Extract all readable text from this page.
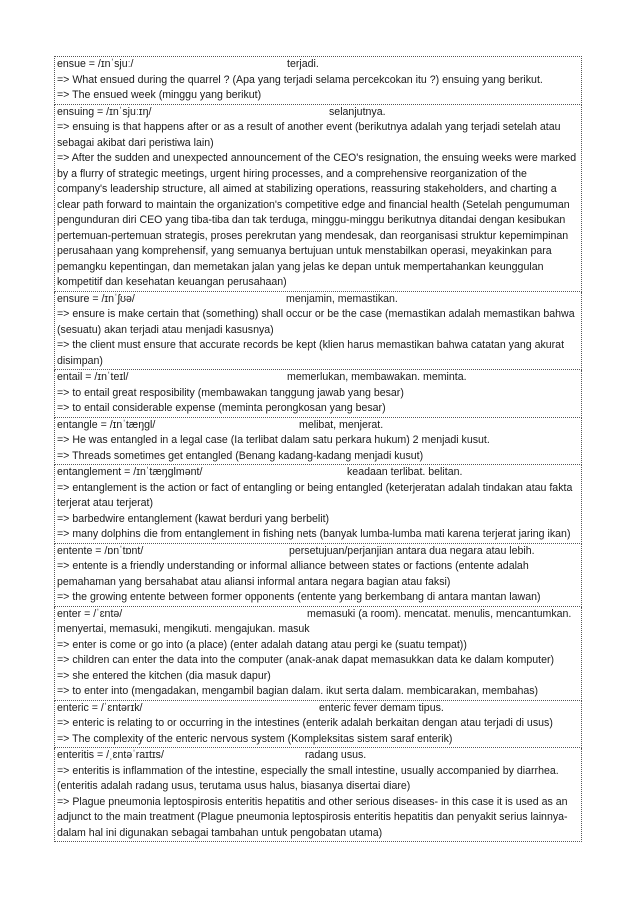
ensue = /ɪnˈsjuː/	terjadi.
=> What ensued during the quarrel ? (Apa yang terjadi selama percekcokan itu ?) ensuing yang berikut.
=> The ensued week (minggu yang berikut)
ensuing = /ɪnˈsjuːɪŋ/	selanjutnya.
=> ensuing is that happens after or as a result of another event (berikutnya adalah yang terjadi setelah atau sebagai akibat dari peristiwa lain)
=> After the sudden and unexpected announcement of the CEO's resignation, the ensuing weeks were marked by a flurry of strategic meetings, urgent hiring processes, and a comprehensive reorganization of the company's leadership structure, all aimed at stabilizing operations, reassuring stakeholders, and charting a clear path forward to maintain the organization's competitive edge and financial health (Setelah pengumuman pengunduran diri CEO yang tiba-tiba dan tak terduga, minggu-minggu berikutnya ditandai dengan kesibukan pertemuan-pertemuan strategis, proses perekrutan yang mendesak, dan reorganisasi struktur kepemimpinan perusahaan yang komprehensif, yang semuanya bertujuan untuk menstabilkan operasi, meyakinkan para pemangku kepentingan, dan memetakan jalan yang jelas ke depan untuk mempertahankan keunggulan kompetitif dan kesehatan keuangan perusahaan)
ensure = /ɪnˈʃʊə/	menjamin, memastikan.
=> ensure is make certain that (something) shall occur or be the case (memastikan adalah memastikan bahwa (sesuatu) akan terjadi atau menjadi kasusnya)
=> the client must ensure that accurate records be kept (klien harus memastikan bahwa catatan yang akurat disimpan)
entail = /ɪnˈteɪl/	memerlukan, membawakan. meminta.
=> to entail great resposibility (membawakan tanggung jawab yang besar)
=> to entail considerable expense (meminta perongkosan yang besar)
entangle = /ɪnˈtæŋgl/	melibat, menjerat.
=> He was entangled in a legal case (Ia terlibat dalam satu perkara hukum) 2 menjadi kusut.
=> Threads sometimes get entangled (Benang kadang-kadang menjadi kusut)
entanglement = /ɪnˈtæŋglmənt/	keadaan terlibat. belitan.
=> entanglement is the action or fact of entangling or being entangled (keterjeratan adalah tindakan atau fakta terjerat atau terjerat)
=> barbedwire entanglement (kawat berduri yang berbelit)
=> many dolphins die from entanglement in fishing nets (banyak lumba-lumba mati karena terjerat jaring ikan)
entente = /ɒnˈtɒnt/	persetujuan/perjanjian antara dua negara atau lebih.
=> entente is a friendly understanding or informal alliance between states or factions (entente adalah pemahaman yang bersahabat atau aliansi informal antara negara bagian atau faksi)
=> the growing entente between former opponents (entente yang berkembang di antara mantan lawan)
enter = /ˈɛntə/	memasuki (a room). mencatat. menulis, mencantumkan.
menyertai, memasuki, mengikuti. mengajukan. masuk
=> enter is come or go into (a place) (enter adalah datang atau pergi ke (suatu tempat))
=> children can enter the data into the computer (anak-anak dapat memasukkan data ke dalam komputer)
=> she entered the kitchen (dia masuk dapur)
=> to enter into (mengadakan, mengambil bagian dalam. ikut serta dalam. membicarakan, membahas)
enteric = /ˈɛntərɪk/	enteric fever demam tipus.
=> enteric is relating to or occurring in the intestines (enterik adalah berkaitan dengan atau terjadi di usus)
=> The complexity of the enteric nervous system (Kompleksitas sistem saraf enterik)
enteritis = /ˌɛntəˈraɪtɪs/	radang usus.
=> enteritis is inflammation of the intestine, especially the small intestine, usually accompanied by diarrhea. (enteritis adalah radang usus, terutama usus halus, biasanya disertai diare)
=> Plague pneumonia leptospirosis enteritis hepatitis and other serious diseases- in this case it is used as an adjunct to the main treatment (Plague pneumonia leptospirosis enteritis hepatitis dan penyakit serius lainnya- dalam hal ini digunakan sebagai tambahan untuk pengobatan utama)
